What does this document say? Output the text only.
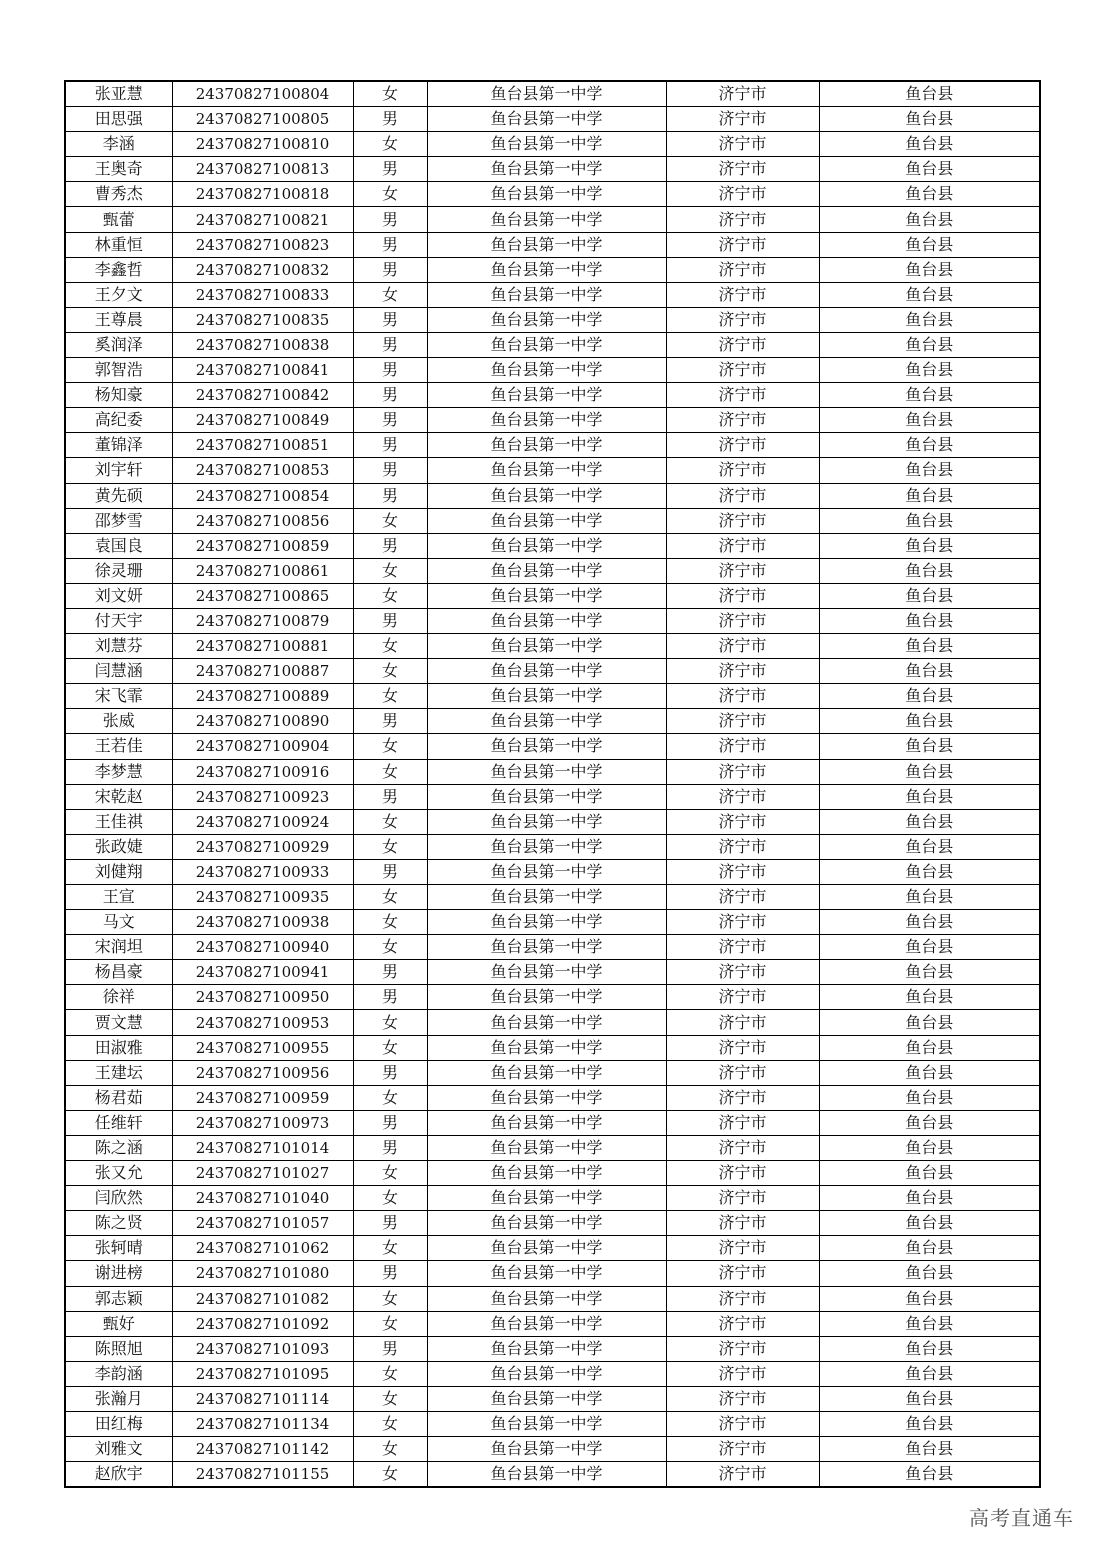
张亚慧	24370827100804	女	鱼台县第一中学	济宁市	鱼台县
田思强	24370827100805	男	鱼台县第一中学	济宁市	鱼台县
李涵	24370827100810	女	鱼台县第一中学	济宁市	鱼台县
王奥奇	24370827100813	男	鱼台县第一中学	济宁市	鱼台县
曹秀杰	24370827100818	女	鱼台县第一中学	济宁市	鱼台县
甄蕾	24370827100821	男	鱼台县第一中学	济宁市	鱼台县
林重恒	24370827100823	男	鱼台县第一中学	济宁市	鱼台县
李鑫哲	24370827100832	男	鱼台县第一中学	济宁市	鱼台县
王夕文	24370827100833	女	鱼台县第一中学	济宁市	鱼台县
王尊晨	24370827100835	男	鱼台县第一中学	济宁市	鱼台县
奚润泽	24370827100838	男	鱼台县第一中学	济宁市	鱼台县
郭智浩	24370827100841	男	鱼台县第一中学	济宁市	鱼台县
杨知豪	24370827100842	男	鱼台县第一中学	济宁市	鱼台县
高纪委	24370827100849	男	鱼台县第一中学	济宁市	鱼台县
董锦泽	24370827100851	男	鱼台县第一中学	济宁市	鱼台县
刘宇轩	24370827100853	男	鱼台县第一中学	济宁市	鱼台县
黄先硕	24370827100854	男	鱼台县第一中学	济宁市	鱼台县
邵梦雪	24370827100856	女	鱼台县第一中学	济宁市	鱼台县
袁国良	24370827100859	男	鱼台县第一中学	济宁市	鱼台县
徐灵珊	24370827100861	女	鱼台县第一中学	济宁市	鱼台县
刘文妍	24370827100865	女	鱼台县第一中学	济宁市	鱼台县
付天宇	24370827100879	男	鱼台县第一中学	济宁市	鱼台县
刘慧芬	24370827100881	女	鱼台县第一中学	济宁市	鱼台县
闫慧涵	24370827100887	女	鱼台县第一中学	济宁市	鱼台县
宋飞霏	24370827100889	女	鱼台县第一中学	济宁市	鱼台县
张威	24370827100890	男	鱼台县第一中学	济宁市	鱼台县
王若佳	24370827100904	女	鱼台县第一中学	济宁市	鱼台县
李梦慧	24370827100916	女	鱼台县第一中学	济宁市	鱼台县
宋乾赵	24370827100923	男	鱼台县第一中学	济宁市	鱼台县
王佳祺	24370827100924	女	鱼台县第一中学	济宁市	鱼台县
张政婕	24370827100929	女	鱼台县第一中学	济宁市	鱼台县
刘健翔	24370827100933	男	鱼台县第一中学	济宁市	鱼台县
王宣	24370827100935	女	鱼台县第一中学	济宁市	鱼台县
马文	24370827100938	女	鱼台县第一中学	济宁市	鱼台县
宋润坦	24370827100940	女	鱼台县第一中学	济宁市	鱼台县
杨昌豪	24370827100941	男	鱼台县第一中学	济宁市	鱼台县
徐祥	24370827100950	男	鱼台县第一中学	济宁市	鱼台县
贾文慧	24370827100953	女	鱼台县第一中学	济宁市	鱼台县
田淑雅	24370827100955	女	鱼台县第一中学	济宁市	鱼台县
王建坛	24370827100956	男	鱼台县第一中学	济宁市	鱼台县
杨君茹	24370827100959	女	鱼台县第一中学	济宁市	鱼台县
任维轩	24370827100973	男	鱼台县第一中学	济宁市	鱼台县
陈之涵	24370827101014	男	鱼台县第一中学	济宁市	鱼台县
张又允	24370827101027	女	鱼台县第一中学	济宁市	鱼台县
闫欣然	24370827101040	女	鱼台县第一中学	济宁市	鱼台县
陈之贤	24370827101057	男	鱼台县第一中学	济宁市	鱼台县
张轲晴	24370827101062	女	鱼台县第一中学	济宁市	鱼台县
谢进榜	24370827101080	男	鱼台县第一中学	济宁市	鱼台县
郭志颖	24370827101082	女	鱼台县第一中学	济宁市	鱼台县
甄好	24370827101092	女	鱼台县第一中学	济宁市	鱼台县
陈照旭	24370827101093	男	鱼台县第一中学	济宁市	鱼台县
李韵涵	24370827101095	女	鱼台县第一中学	济宁市	鱼台县
张瀚月	24370827101114	女	鱼台县第一中学	济宁市	鱼台县
田红梅	24370827101134	女	鱼台县第一中学	济宁市	鱼台县
刘雅文	24370827101142	女	鱼台县第一中学	济宁市	鱼台县
赵欣宇	24370827101155	女	鱼台县第一中学	济宁市	鱼台县
高考直通车
